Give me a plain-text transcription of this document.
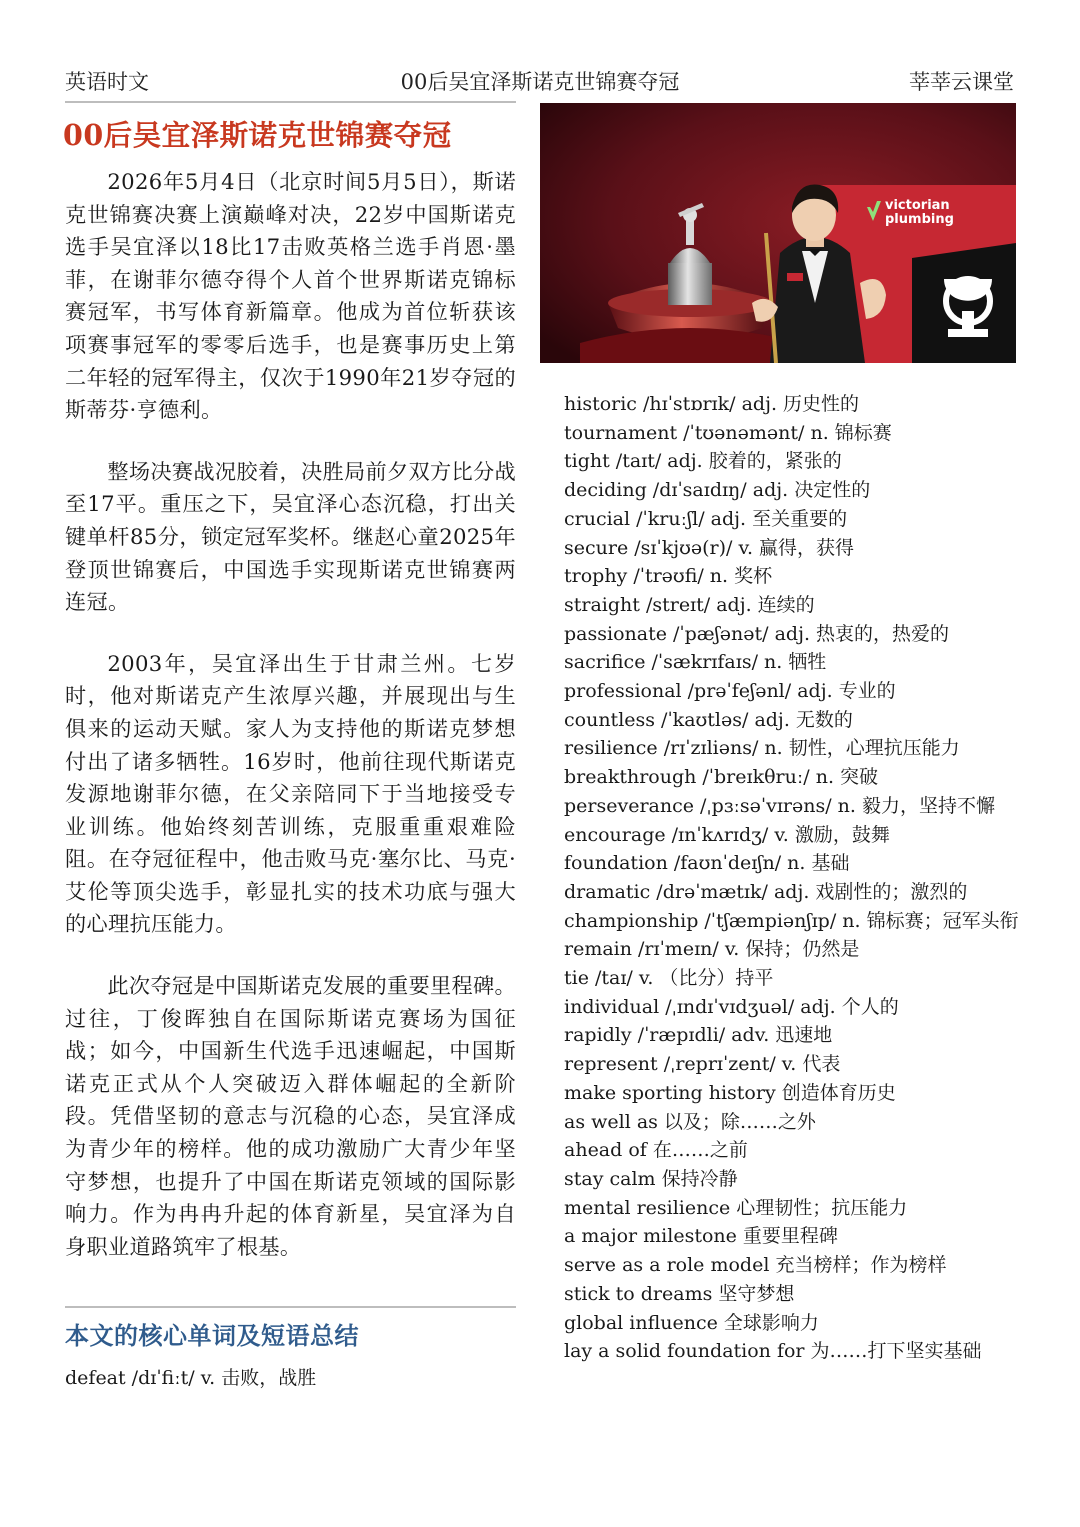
英语时文	00后吴宜泽斯诺克世锦赛夺冠	莘莘云课堂
00后吴宜泽斯诺克世锦赛夺冠

2026年5月4日（北京时间5月5日），斯诺克世锦赛决赛上演巅峰对决，22岁中国斯诺克选手吴宜泽以18比17击败英格兰选手肖恩·墨菲，在谢菲尔德夺得个人首个世界斯诺克锦标赛冠军，书写体育新篇章。他成为首位斩获该项赛事冠军的零零后选手，也是赛事历史上第二年轻的冠军得主，仅次于1990年21岁夺冠的斯蒂芬·亨德利。

整场决赛战况胶着，决胜局前夕双方比分战至17平。重压之下，吴宜泽心态沉稳，打出关键单杆85分，锁定冠军奖杯。继赵心童2025年登顶世锦赛后，中国选手实现斯诺克世锦赛两连冠。

2003年，吴宜泽出生于甘肃兰州。七岁时，他对斯诺克产生浓厚兴趣，并展现出与生俱来的运动天赋。家人为支持他的斯诺克梦想付出了诸多牺牲。16岁时，他前往现代斯诺克发源地谢菲尔德，在父亲陪同下于当地接受专业训练。他始终刻苦训练，克服重重艰难险阻。在夺冠征程中，他击败马克·塞尔比、马克·艾伦等顶尖选手，彰显扎实的技术功底与强大的心理抗压能力。

此次夺冠是中国斯诺克发展的重要里程碑。过往，丁俊晖独自在国际斯诺克赛场为国征战；如今，中国新生代选手迅速崛起，中国斯诺克正式从个人突破迈入群体崛起的全新阶段。凭借坚韧的意志与沉稳的心态，吴宜泽成为青少年的榜样。他的成功激励广大青少年坚守梦想，也提升了中国在斯诺克领域的国际影响力。作为冉冉升起的体育新星，吴宜泽为自身职业道路筑牢了根基。

本文的核心单词及短语总结
defeat /dɪˈfiːt/ v. 击败，战胜
victorian
plumbing
historic /hɪˈstɒrɪk/ adj. 历史性的
tournament /ˈtʊənəmənt/ n. 锦标赛
tight /taɪt/ adj. 胶着的，紧张的
deciding /dɪˈsaɪdɪŋ/ adj. 决定性的
crucial /ˈkruːʃl/ adj. 至关重要的
secure /sɪˈkjʊə(r)/ v. 赢得，获得
trophy /ˈtrəʊfi/ n. 奖杯
straight /streɪt/ adj. 连续的
passionate /ˈpæʃənət/ adj. 热衷的，热爱的
sacrifice /ˈsækrɪfaɪs/ n. 牺牲
professional /prəˈfeʃənl/ adj. 专业的
countless /ˈkaʊtləs/ adj. 无数的
resilience /rɪˈzɪliəns/ n. 韧性，心理抗压能力
breakthrough /ˈbreɪkθruː/ n. 突破
perseverance /ˌpɜːsəˈvɪrəns/ n. 毅力，坚持不懈
encourage /ɪnˈkʌrɪdʒ/ v. 激励，鼓舞
foundation /faʊnˈdeɪʃn/ n. 基础
dramatic /drəˈmætɪk/ adj. 戏剧性的；激烈的
championship /ˈtʃæmpiənʃɪp/ n. 锦标赛；冠军头衔
remain /rɪˈmeɪn/ v. 保持；仍然是
tie /taɪ/ v. （比分）持平
individual /ˌɪndɪˈvɪdʒuəl/ adj. 个人的
rapidly /ˈræpɪdli/ adv. 迅速地
represent /ˌreprɪˈzent/ v. 代表
make sporting history 创造体育历史
as well as 以及；除……之外
ahead of 在……之前
stay calm 保持冷静
mental resilience 心理韧性；抗压能力
a major milestone 重要里程碑
serve as a role model 充当榜样；作为榜样
stick to dreams 坚守梦想
global influence 全球影响力
lay a solid foundation for 为……打下坚实基础
